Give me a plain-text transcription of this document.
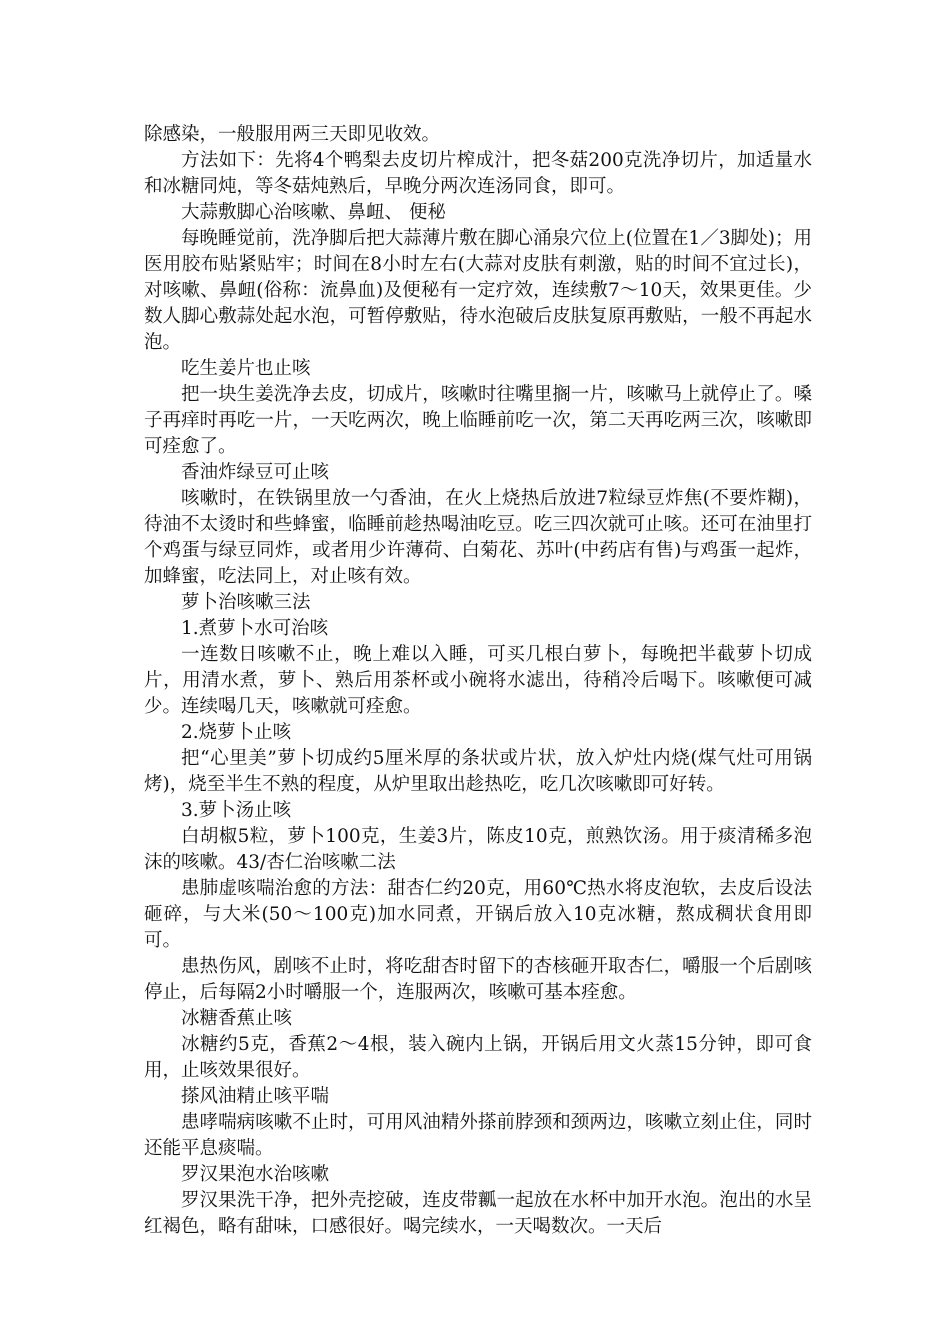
除感染，一般服用两三天即见收效。

方法如下：先将4个鸭梨去皮切片榨成汁，把冬菇200克洗净切片，加适量水和冰糖同炖，等冬菇炖熟后，早晚分两次连汤同食，即可。

大蒜敷脚心治咳嗽、鼻衄、 便秘

每晚睡觉前，洗净脚后把大蒜薄片敷在脚心涌泉穴位上(位置在1／3脚处)；用医用胶布贴紧贴牢；时间在8小时左右(大蒜对皮肤有刺激，贴的时间不宜过长)，对咳嗽、鼻衄(俗称：流鼻血)及便秘有一定疗效，连续敷7～10天，效果更佳。少数人脚心敷蒜处起水泡，可暂停敷贴，待水泡破后皮肤复原再敷贴，一般不再起水泡。

吃生姜片也止咳

把一块生姜洗净去皮，切成片，咳嗽时往嘴里搁一片，咳嗽马上就停止了。嗓子再痒时再吃一片，一天吃两次，晚上临睡前吃一次，第二天再吃两三次，咳嗽即可痊愈了。

香油炸绿豆可止咳

咳嗽时，在铁锅里放一勺香油，在火上烧热后放进7粒绿豆炸焦(不要炸糊)，待油不太烫时和些蜂蜜，临睡前趁热喝油吃豆。吃三四次就可止咳。还可在油里打个鸡蛋与绿豆同炸，或者用少许薄荷、白菊花、苏叶(中药店有售)与鸡蛋一起炸，加蜂蜜，吃法同上，对止咳有效。

萝卜治咳嗽三法

1.煮萝卜水可治咳

一连数日咳嗽不止，晚上难以入睡，可买几根白萝卜，每晚把半截萝卜切成片，用清水煮，萝卜、熟后用茶杯或小碗将水滤出，待稍冷后喝下。咳嗽便可减少。连续喝几天，咳嗽就可痊愈。

2.烧萝卜止咳

把“心里美”萝卜切成约5厘米厚的条状或片状，放入炉灶内烧(煤气灶可用锅烤)，烧至半生不熟的程度，从炉里取出趁热吃，吃几次咳嗽即可好转。

3.萝卜汤止咳

白胡椒5粒，萝卜100克，生姜3片，陈皮10克，煎熟饮汤。用于痰清稀多泡沫的咳嗽。43/杏仁治咳嗽二法

患肺虚咳喘治愈的方法：甜杏仁约20克，用60℃热水将皮泡软，去皮后设法砸碎，与大米(50～100克)加水同煮，开锅后放入10克冰糖，熬成稠状食用即可。

患热伤风，剧咳不止时，将吃甜杏时留下的杏核砸开取杏仁，嚼服一个后剧咳停止，后每隔2小时嚼服一个，连服两次，咳嗽可基本痊愈。

冰糖香蕉止咳

冰糖约5克，香蕉2～4根，装入碗内上锅，开锅后用文火蒸15分钟，即可食用，止咳效果很好。

搽风油精止咳平喘

患哮喘病咳嗽不止时，可用风油精外搽前脖颈和颈两边，咳嗽立刻止住，同时还能平息痰喘。

罗汉果泡水治咳嗽

罗汉果洗干净，把外壳挖破，连皮带瓤一起放在水杯中加开水泡。泡出的水呈红褐色，略有甜味，口感很好。喝完续水，一天喝数次。一天后
